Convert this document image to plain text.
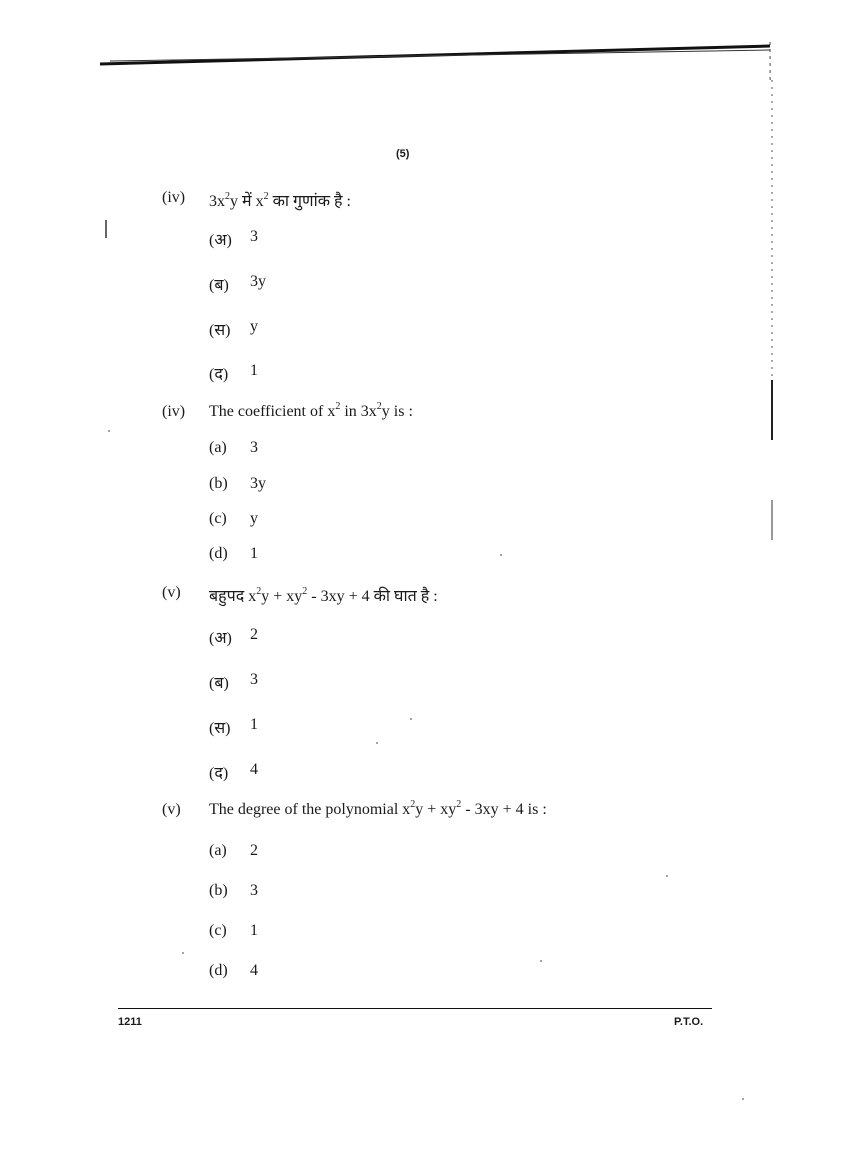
(5)
(iv) $3x^2y$ में $x^2$ का गुणांक है :
(अ) 3
(ब) 3y
(स) y
(द) 1
(iv) The coefficient of $x^2$ in $3x^2y$ is :
(a) 3
(b) 3y
(c) y
(d) 1
(v) बहुपद $x^2y + xy^2 - 3xy + 4$ की घात है :
(अ) 2
(ब) 3
(स) 1
(द) 4
(v) The degree of the polynomial $x^2y + xy^2 - 3xy + 4$ is :
(a) 2
(b) 3
(c) 1
(d) 4
1211	P.T.O.
